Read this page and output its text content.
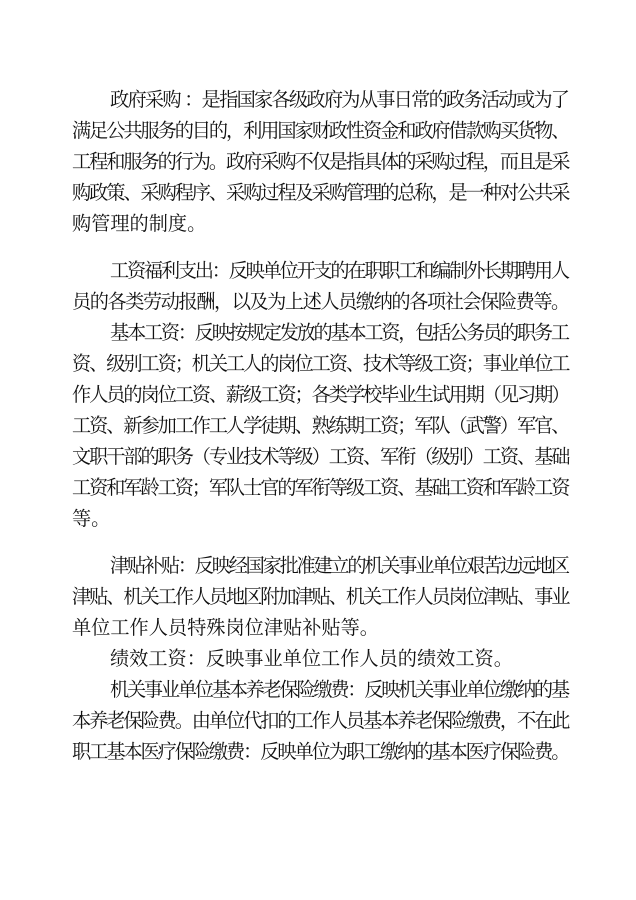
政府采购 ：是指国家各级政府为从事日常的政务活动或为了
满足公共服务的目的，利用国家财政性资金和政府借款购买货物、
工程和服务的行为。政府采购不仅是指具体的采购过程，而且是采
购政策、采购程序、采购过程及采购管理的总称，是一种对公共采
购管理的制度。
工资福利支出：反映单位开支的在职职工和编制外长期聘用人
员的各类劳动报酬，以及为上述人员缴纳的各项社会保险费等。
基本工资：反映按规定发放的基本工资，包括公务员的职务工
资、级别工资；机关工人的岗位工资、技术等级工资；事业单位工
作人员的岗位工资、薪级工资；各类学校毕业生试用期（见习期）
工资、新参加工作工人学徒期、熟练期工资；军队（武警）军官、
文职干部的职务（专业技术等级）工资、军衔（级别）工资、基础
工资和军龄工资；军队士官的军衔等级工资、基础工资和军龄工资
等。
津贴补贴：反映经国家批准建立的机关事业单位艰苦边远地区
津贴、机关工作人员地区附加津贴、机关工作人员岗位津贴、事业
单位工作人员特殊岗位津贴补贴等。
绩效工资：反映事业单位工作人员的绩效工资。
机关事业单位基本养老保险缴费：反映机关事业单位缴纳的基
本养老保险费。由单位代扣的工作人员基本养老保险缴费，不在此
职工基本医疗保险缴费：反映单位为职工缴纳的基本医疗保险费。
